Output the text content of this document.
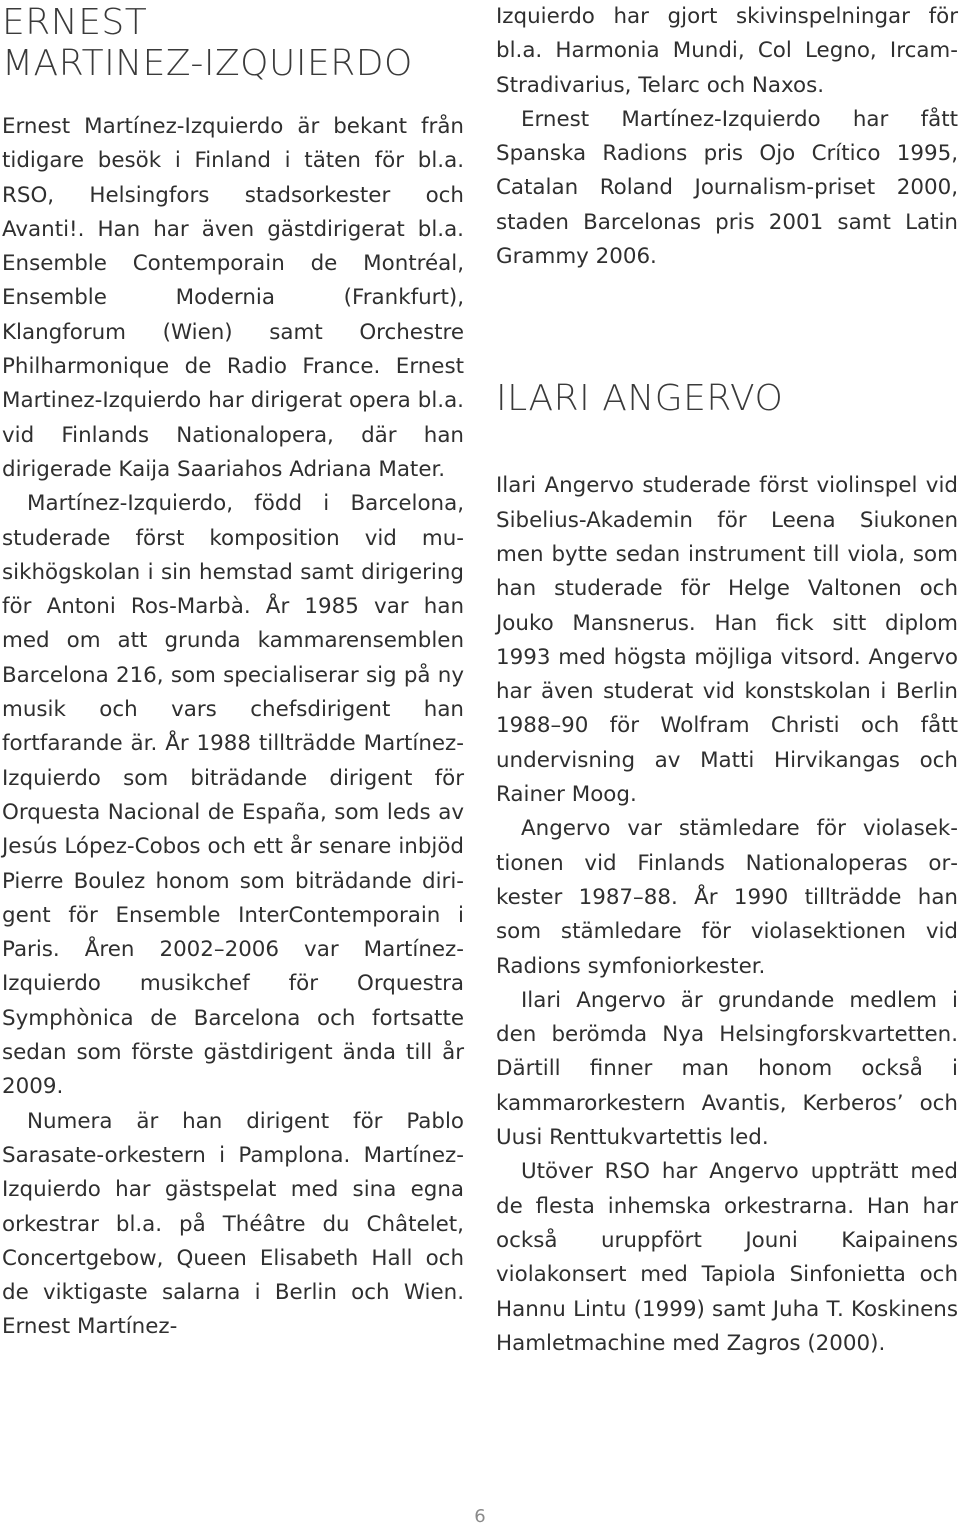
ERNEST
MARTINEZ-IZQUIERDO

Ernest Martínez-Izquierdo är bekant från tidigare besök i Finland i täten för bl.a. RSO, Helsingfors stadsorkester och Avanti!. Han har även gästdirigerat bl.a. Ensemble Contemporain de Montréal, Ensemble Modernia (Frankfurt), Klangforum (Wien) samt Orchestre Philharmonique de Radio France. Ernest Martinez-Izquierdo har dirigerat opera bl.a. vid Finlands Nationalopera, där han dirigerade Kaija Saariahos Adriana Mater.

Martínez-Izquierdo, född i Barcelona, studerade först komposition vid musikhögskolan i sin hemstad samt dirigering för Antoni Ros-Marbà. År 1985 var han med om att grunda kammarensemblen Barcelona 216, som specialiserar sig på ny musik och vars chefsdirigent han fortfarande är. År 1988 tillträdde Martínez-Izquierdo som biträdande dirigent för Orquesta Nacional de España, som leds av Jesús López-Cobos och ett år senare inbjöd Pierre Boulez honom som biträdande dirigent för Ensemble InterContemporain i Paris. Åren 2002–2006 var Martínez-Izquierdo musikchef för Orquestra Symphònica de Barcelona och fortsatte sedan som förste gästdirigent ända till år 2009.

Numera är han dirigent för Pablo Sarasate-orkestern i Pamplona. Martínez-Izquierdo har gästspelat med sina egna orkestrar bl.a. på Théâtre du Châtelet, Concertgebow, Queen Elisabeth Hall och de viktigaste salarna i Berlin och Wien. Ernest Martínez-

Izquierdo har gjort skivinspelningar för bl.a. Harmonia Mundi, Col Legno, Ircam- Stradivarius, Telarc och Naxos.

Ernest Martínez-Izquierdo har fått Spanska Radions pris Ojo Crítico 1995, Catalan Roland Journalism-priset 2000, staden Barcelonas pris 2001 samt Latin Grammy 2006.

ILARI ANGERVO

Ilari Angervo studerade först violinspel vid Sibelius-Akademin för Leena Siukonen men bytte sedan instrument till viola, som han studerade för Helge Valtonen och Jouko Mansnerus. Han fick sitt diplom 1993 med högsta möjliga vitsord. Angervo har även studerat vid konstskolan i Berlin 1988–90 för Wolfram Christi och fått undervisning av Matti Hirvikangas och Rainer Moog.

Angervo var stämledare för violasektionen vid Finlands Nationaloperas orkester 1987–88. År 1990 tillträdde han som stämledare för violasektionen vid Radions symfoniorkester.

Ilari Angervo är grundande medlem i den berömda Nya Helsingforskvartetten. Därtill finner man honom också i kammarorkestern Avantis, Kerberos’ och Uusi Renttukvartettis led.

Utöver RSO har Angervo uppträtt med de flesta inhemska orkestrarna. Han har också uruppfört Jouni Kaipainens violakonsert med Tapiola Sinfonietta och Hannu Lintu (1999) samt Juha T. Koskinens Hamletmachine med Zagros (2000).

6
